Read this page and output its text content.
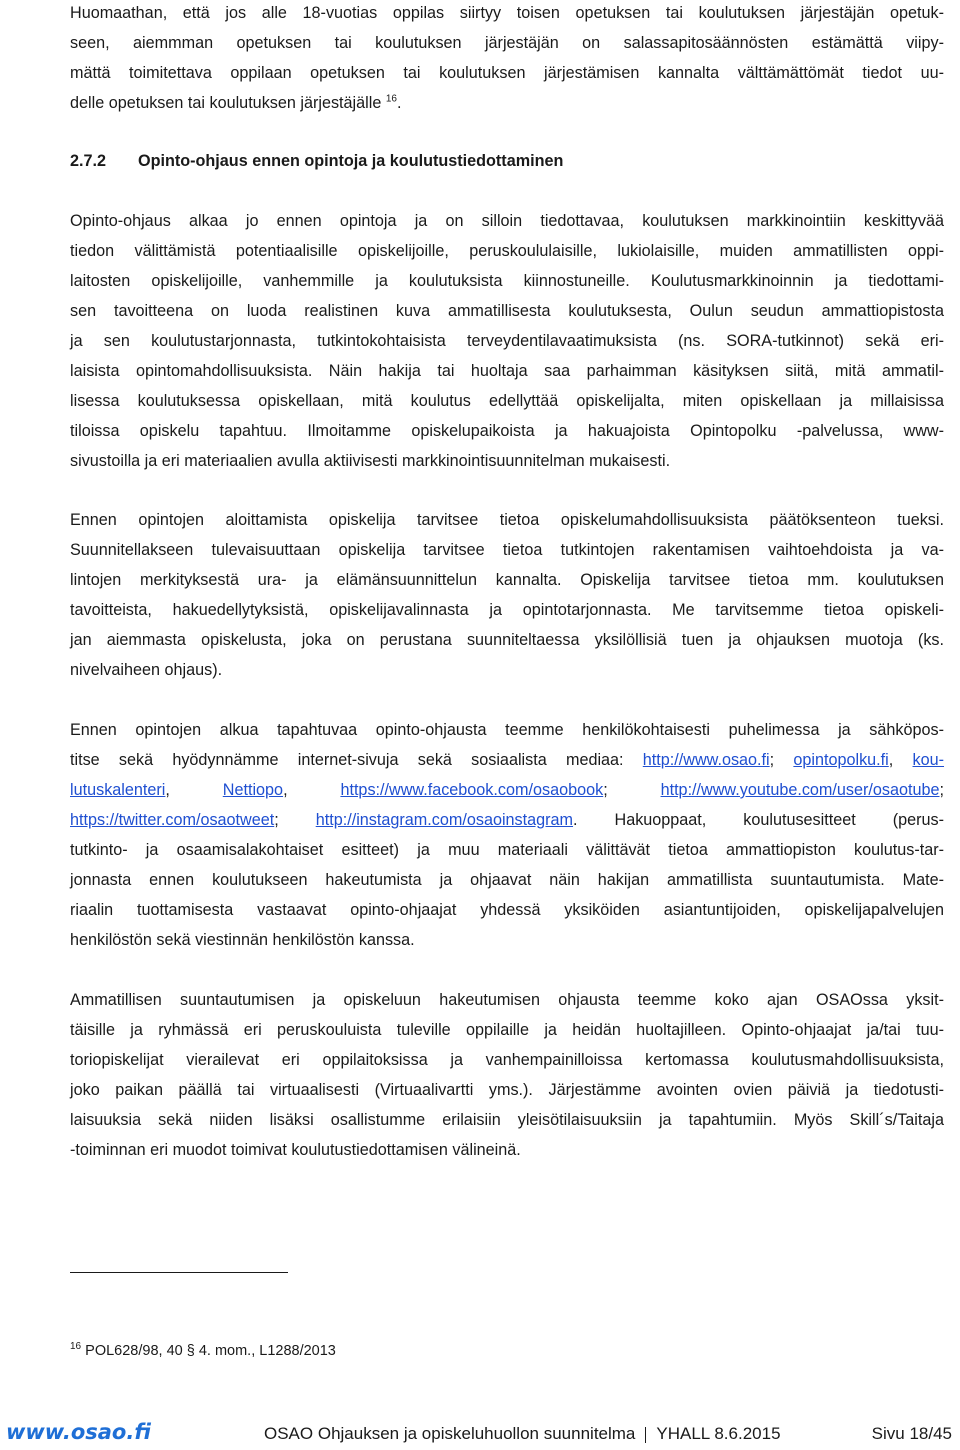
Huomaathan, että jos alle 18-vuotias oppilas siirtyy toisen opetuksen tai koulutuksen järjestäjän opetuk-
seen, aiemmman opetuksen tai koulutuksen järjestäjän on salassapitosäännösten estämättä viipy-
mättä toimitettava oppilaan opetuksen tai koulutuksen järjestämisen kannalta välttämättömät tiedot uu-
delle opetuksen tai koulutuksen järjestäjälle $^{16}$.
2.7.2 Opinto-ohjaus ennen opintoja ja koulutustiedottaminen
Opinto-ohjaus alkaa jo ennen opintoja ja on silloin tiedottavaa, koulutuksen markkinointiin keskittyvää
tiedon välittämistä potentiaalisille opiskelijoille, peruskoululaisille, lukiolaisille, muiden ammatillisten oppi-
laitosten opiskelijoille, vanhemmille ja koulutuksista kiinnostuneille. Koulutusmarkkinoinnin ja tiedottami-
sen tavoitteena on luoda realistinen kuva ammatillisesta koulutuksesta, Oulun seudun ammattiopistosta
ja sen koulutustarjonnasta, tutkintokohtaisista terveydentilavaatimuksista (ns. SORA-tutkinnot) sekä eri-
laisista opintomahdollisuuksista. Näin hakija tai huoltaja saa parhaimman käsityksen siitä, mitä ammatil-
lisessa koulutuksessa opiskellaan, mitä koulutus edellyttää opiskelijalta, miten opiskellaan ja millaisissa
tiloissa opiskelu tapahtuu. Ilmoitamme opiskelupaikoista ja hakuajoista Opintopolku -palvelussa, www-
sivustoilla ja eri materiaalien avulla aktiivisesti markkinointisuunnitelman mukaisesti.
Ennen opintojen aloittamista opiskelija tarvitsee tietoa opiskelumahdollisuuksista päätöksenteon tueksi.
Suunnitellakseen tulevaisuuttaan opiskelija tarvitsee tietoa tutkintojen rakentamisen vaihtoehdoista ja va-
lintojen merkityksestä ura- ja elämänsuunnittelun kannalta. Opiskelija tarvitsee tietoa mm. koulutuksen
tavoitteista, hakuedellytyksistä, opiskelijavalinnasta ja opintotarjonnasta. Me tarvitsemme tietoa opiskeli-
jan aiemmasta opiskelusta, joka on perustana suunniteltaessa yksilöllisiä tuen ja ohjauksen muotoja (ks.
nivelvaiheen ohjaus).
Ennen opintojen alkua tapahtuvaa opinto-ohjausta teemme henkilökohtaisesti puhelimessa ja sähköpos-
titse sekä hyödynnämme internet-sivuja sekä sosiaalista mediaa: http://www.osao.fi; opintopolku.fi, kou-
lutuskalenteri, Nettiopo, https://www.facebook.com/osaobook; http://www.youtube.com/user/osaotube;
https://twitter.com/osaotweet; http://instagram.com/osaoinstagram. Hakuoppaat, koulutusesitteet (perus-
tutkinto- ja osaamisalakohtaiset esitteet) ja muu materiaali välittävät tietoa ammattiopiston koulutus-tar-
jonnasta ennen koulutukseen hakeutumista ja ohjaavat näin hakijan ammatillista suuntautumista. Mate-
riaalin tuottamisesta vastaavat opinto-ohjaajat yhdessä yksiköiden asiantuntijoiden, opiskelijapalvelujen
henkilöstön sekä viestinnän henkilöstön kanssa.
Ammatillisen suuntautumisen ja opiskeluun hakeutumisen ohjausta teemme koko ajan OSAOssa yksit-
täisille ja ryhmässä eri peruskouluista tuleville oppilaille ja heidän huoltajilleen. Opinto-ohjaajat ja/tai tuu-
toriopiskelijat vierailevat eri oppilaitoksissa ja vanhempainilloissa kertomassa koulutusmahdollisuuksista,
joko paikan päällä tai virtuaalisesti (Virtuaalivartti yms.). Järjestämme avointen ovien päiviä ja tiedotusti-
laisuuksia sekä niiden lisäksi osallistumme erilaisiin yleisötilaisuuksiin ja tapahtumiin. Myös Skill´s/Taitaja
-toiminnan eri muodot toimivat koulutustiedottamisen välineinä.
$^{16}$ POL628/98, 40 § 4. mom., L1288/2013
www.osao.fi	OSAO Ohjauksen ja opiskeluhuollon suunnitelma YHALL 8.6.2015	Sivu 18/45
